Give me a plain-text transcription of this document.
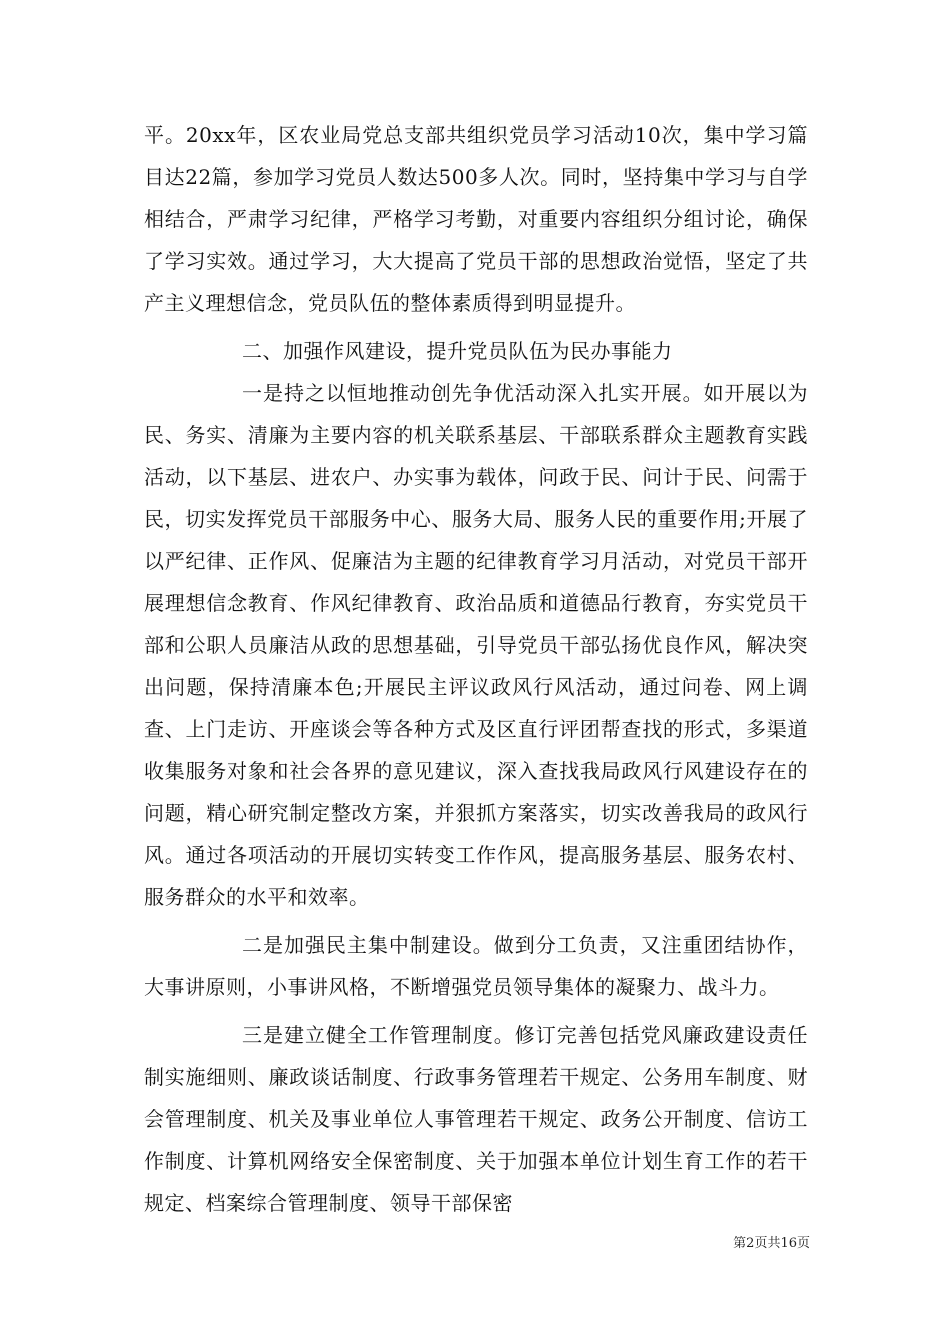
平。20xx年，区农业局党总支部共组织党员学习活动10次，集中学习篇目达22篇，参加学习党员人数达500多人次。同时，坚持集中学习与自学相结合，严肃学习纪律，严格学习考勤，对重要内容组织分组讨论，确保了学习实效。通过学习，大大提高了党员干部的思想政治觉悟，坚定了共产主义理想信念，党员队伍的整体素质得到明显提升。

二、加强作风建设，提升党员队伍为民办事能力

一是持之以恒地推动创先争优活动深入扎实开展。如开展以为民、务实、清廉为主要内容的机关联系基层、干部联系群众主题教育实践活动，以下基层、进农户、办实事为载体，问政于民、问计于民、问需于民，切实发挥党员干部服务中心、服务大局、服务人民的重要作用;开展了以严纪律、正作风、促廉洁为主题的纪律教育学习月活动，对党员干部开展理想信念教育、作风纪律教育、政治品质和道德品行教育，夯实党员干部和公职人员廉洁从政的思想基础，引导党员干部弘扬优良作风，解决突出问题，保持清廉本色;开展民主评议政风行风活动，通过问卷、网上调查、上门走访、开座谈会等各种方式及区直行评团帮查找的形式，多渠道收集服务对象和社会各界的意见建议，深入查找我局政风行风建设存在的问题，精心研究制定整改方案，并狠抓方案落实，切实改善我局的政风行风。通过各项活动的开展切实转变工作作风，提高服务基层、服务农村、服务群众的水平和效率。

二是加强民主集中制建设。做到分工负责，又注重团结协作，大事讲原则，小事讲风格，不断增强党员领导集体的凝聚力、战斗力。

三是建立健全工作管理制度。修订完善包括党风廉政建设责任制实施细则、廉政谈话制度、行政事务管理若干规定、公务用车制度、财会管理制度、机关及事业单位人事管理若干规定、政务公开制度、信访工作制度、计算机网络安全保密制度、关于加强本单位计划生育工作的若干规定、档案综合管理制度、领导干部保密

第2页共16页
